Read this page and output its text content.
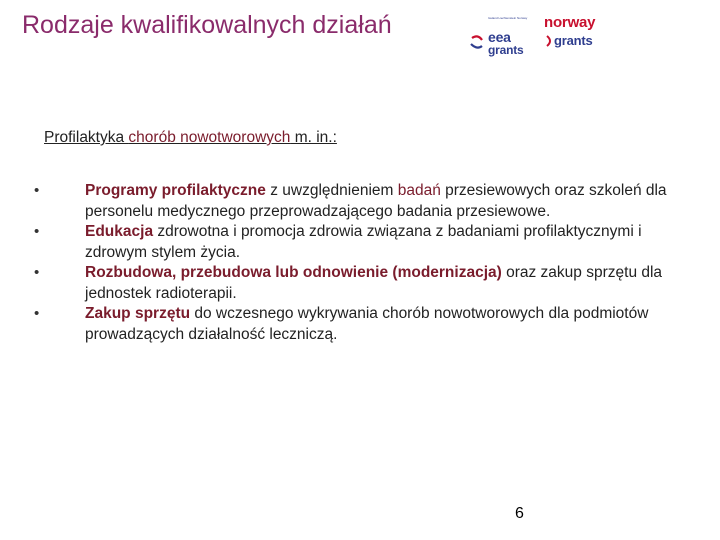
Rodzaje kwalifikowalnych działań	Iceland Liechtenstein Norway
eea
grants
norway
grants

Profilaktyka chorób nowotworowych m. in.:

•	Programy profilaktyczne z uwzględnieniem badań przesiewowych oraz szkoleń dla personelu medycznego przeprowadzającego badania przesiewowe.
•	Edukacja zdrowotna i promocja zdrowia związana z badaniami profilaktycznymi i zdrowym stylem życia.
•	Rozbudowa, przebudowa lub odnowienie (modernizacja) oraz zakup sprzętu dla jednostek radioterapii.
•	Zakup sprzętu do wczesnego wykrywania chorób nowotworowych dla podmiotów prowadzących działalność leczniczą.

6
